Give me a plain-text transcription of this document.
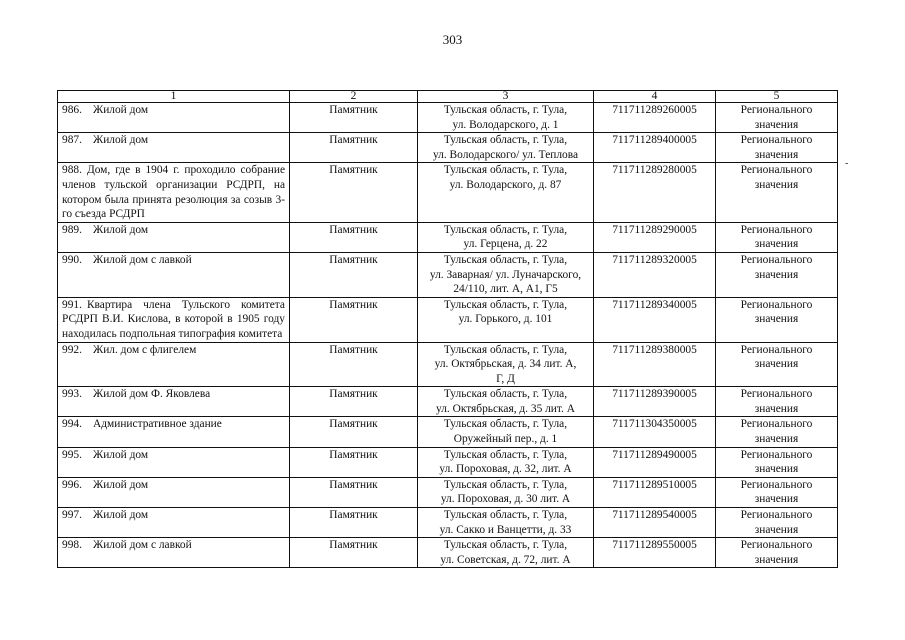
303
-
1	2	3	4	5
986. Жилой дом	Памятник	Тульская область, г. Тула,
ул. Володарского, д. 1	711711289260005	Регионального
значения

987. Жилой дом	Памятник	Тульская область, г. Тула,
ул. Володарского/ ул. Теплова	711711289400005	Регионального
значения

988. Дом, где в 1904 г. проходило собрание членов тульской организации РСДРП, на котором была принята резолюция за созыв 3-го съезда РСДРП	Памятник	Тульская область, г. Тула,
ул. Володарского, д. 87	711711289280005	Регионального
значения

989. Жилой дом	Памятник	Тульская область, г. Тула,
ул. Герцена, д. 22	711711289290005	Регионального
значения

990. Жилой дом с лавкой	Памятник	Тульская область, г. Тула,
ул. Заварная/ ул. Луначарского,
24/110, лит. А, А1, Г5	711711289320005	Регионального
значения

991. Квартира члена Тульского комитета РСДРП В.И. Кислова, в которой в 1905 году находилась подпольная типография комитета	Памятник	Тульская область, г. Тула,
ул. Горького, д. 101	711711289340005	Регионального
значения

992. Жил. дом с флигелем	Памятник	Тульская область, г. Тула,
ул. Октябрьская, д. 34 лит. А,
Г, Д	711711289380005	Регионального
значения

993. Жилой дом Ф. Яковлева	Памятник	Тульская область, г. Тула,
ул. Октябрьская, д. 35 лит. А	711711289390005	Регионального
значения

994. Административное здание	Памятник	Тульская область, г. Тула,
Оружейный пер., д. 1	711711304350005	Регионального
значения

995. Жилой дом	Памятник	Тульская область, г. Тула,
ул. Пороховая, д. 32, лит. А	711711289490005	Регионального
значения

996. Жилой дом	Памятник	Тульская область, г. Тула,
ул. Пороховая, д. 30 лит. А	711711289510005	Регионального
значения

997. Жилой дом	Памятник	Тульская область, г. Тула,
ул. Сакко и Ванцетти, д. 33	711711289540005	Регионального
значения

998. Жилой дом с лавкой	Памятник	Тульская область, г. Тула,
ул. Советская, д. 72, лит. А	711711289550005	Регионального
значения
